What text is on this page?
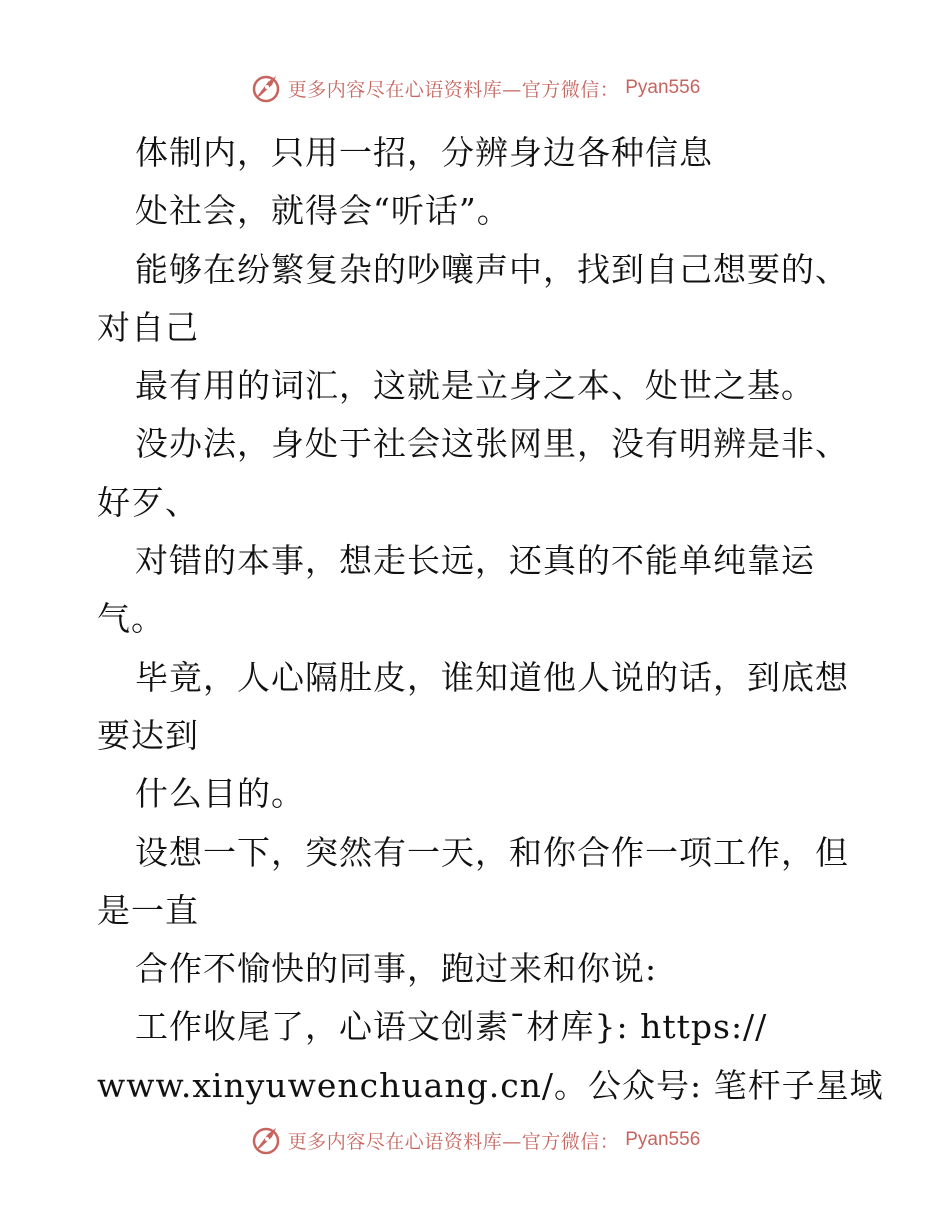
更多内容尽在心语资料库—官方微信： Pyan556
体制内，只用一招，分辨身边各种信息
处社会，就得会“听话”。
能够在纷繁复杂的吵嚷声中，找到自己想要的、
对自己
最有用的词汇，这就是立身之本、处世之基。
没办法，身处于社会这张网里，没有明辨是非、
好歹、
对错的本事，想走长远，还真的不能单纯靠运
气。
毕竟，人心隔肚皮，谁知道他人说的话，到底想
要达到
什么目的。
设想一下，突然有一天，和你合作一项工作，但
是一直
合作不愉快的同事，跑过来和你说:
工作收尾了，心语文创素¯材库}: https://
www.xinyuwenchuang.cn/。公众号: 笔杆子星域
更多内容尽在心语资料库—官方微信： Pyan556
